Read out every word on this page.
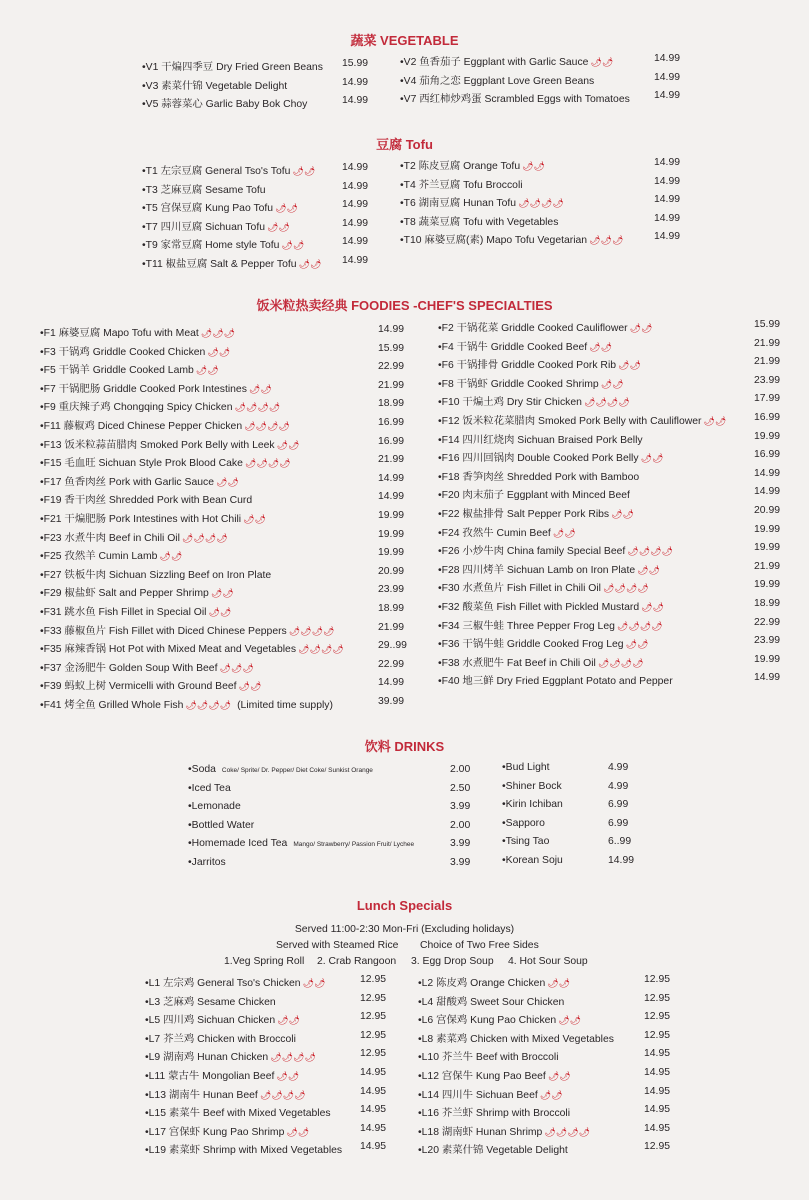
蔬菜 VEGETABLE
•V1 干煸四季豆 Dry Fried Green Beans 15.99
•V3 素菜什锦 Vegetable Delight	14.99
•V5 蒜蓉菜心 Garlic Baby Bok Choy	14.99
•V2 鱼香茄子 Eggplant with Garlic Sauce 🌶🌶	14.99
•V4 茄角之恋 Eggplant Love Green Beans	14.99
•V7 西红柿炒鸡蛋 Scrambled Eggs with Tomatoes 14.99
豆腐 Tofu
•T1 左宗豆腐 General Tso's Tofu 🌶🌶	14.99
•T3 芝麻豆腐 Sesame Tofu	14.99
•T5 宫保豆腐 Kung Pao Tofu 🌶🌶	14.99
•T7 四川豆腐 Sichuan Tofu 🌶🌶	14.99
•T9 家常豆腐 Home style Tofu 🌶🌶	14.99
•T11 椒盐豆腐 Salt & Pepper Tofu 🌶🌶 14.99
•T2 陈皮豆腐 Orange Tofu 🌶🌶	14.99
•T4 芥兰豆腐 Tofu Broccoli	14.99
•T6 湖南豆腐 Hunan Tofu 🌶🌶🌶🌶	14.99
•T8 蔬菜豆腐 Tofu with Vegetables	14.99
•T10 麻婆豆腐(素) Mapo Tofu Vegetarian 🌶🌶🌶	14.99
饭米粒热卖经典 FOODIES -CHEF'S SPECIALTIES
•F1 麻婆豆腐 Mapo Tofu with Meat 🌶🌶🌶	14.99
•F3 干锅鸡 Griddle Cooked Chicken 🌶🌶	15.99
•F5 干锅羊 Griddle Cooked Lamb 🌶🌶	22.99
•F7 干锅肥肠 Griddle Cooked Pork Intestines 🌶🌶	21.99
•F9 重庆辣子鸡 Chongqing Spicy Chicken 🌶🌶🌶🌶	18.99
•F11 藤椒鸡 Diced Chinese Pepper Chicken 🌶🌶🌶🌶	16.99
•F13 饭米粒蒜苗腊肉 Smoked Pork Belly with Leek 🌶🌶	16.99
•F15 毛血旺 Sichuan Style Prok Blood Cake 🌶🌶🌶🌶	21.99
•F17 鱼香肉丝 Pork with Garlic Sauce 🌶🌶	14.99
•F19 香干肉丝 Shredded Pork with Bean Curd	14.99
•F21 干煸肥肠 Pork Intestines with Hot Chili 🌶🌶	19.99
•F23 水煮牛肉 Beef in Chili Oil 🌶🌶🌶🌶	19.99
•F25 孜然羊 Cumin Lamb 🌶🌶	19.99
•F27 铁板牛肉 Sichuan Sizzling Beef on Iron Plate	20.99
•F29 椒盐虾 Salt and Pepper Shrimp 🌶🌶	23.99
•F31 跳水鱼 Fish Fillet in Special Oil 🌶🌶	18.99
•F33 藤椒鱼片 Fish Fillet with Diced Chinese Peppers 🌶🌶🌶🌶	21.99
•F35 麻辣香锅 Hot Pot with Mixed Meat and Vegetables 🌶🌶🌶🌶	29..99
•F37 金汤肥牛 Golden Soup With Beef 🌶🌶🌶	22.99
•F39 蚂蚁上树 Vermicelli with Ground Beef 🌶🌶	14.99
•F41 烤全鱼 Grilled Whole Fish 🌶🌶🌶🌶 (Limited time supply)	39.99
•F2 干锅花菜 Griddle Cooked Cauliflower 🌶🌶	15.99
•F4 干锅牛 Griddle Cooked Beef 🌶🌶	21.99
•F6 干锅排骨 Griddle Cooked Pork Rib 🌶🌶	21.99
•F8 干锅虾 Griddle Cooked Shrimp 🌶🌶	23.99
•F10 干煸土鸡 Dry Stir Chicken 🌶🌶🌶🌶	17.99
•F12 饭米粒花菜腊肉 Smoked Pork Belly with Cauliflower 🌶🌶	16.99
•F14 四川红烧肉 Sichuan Braised Pork Belly	19.99
•F16 四川回锅肉 Double Cooked Pork Belly 🌶🌶	16.99
•F18 香笋肉丝 Shredded Pork with Bamboo	14.99
•F20 肉末茄子 Eggplant with Minced Beef	14.99
•F22 椒盐排骨 Salt Pepper Pork Ribs 🌶🌶	20.99
•F24 孜然牛 Cumin Beef 🌶🌶	19.99
•F26 小炒牛肉 China family Special Beef 🌶🌶🌶🌶	19.99
•F28 四川烤羊 Sichuan Lamb on Iron Plate 🌶🌶	21.99
•F30 水煮鱼片 Fish Fillet in Chili Oil 🌶🌶🌶🌶	19.99
•F32 酸菜鱼 Fish Fillet with Pickled Mustard 🌶🌶	18.99
•F34 三椒牛蛙 Three Pepper Frog Leg 🌶🌶🌶🌶	22.99
•F36 干锅牛蛙 Griddle Cooked Frog Leg 🌶🌶	23.99
•F38 水煮肥牛 Fat Beef in Chili Oil 🌶🌶🌶🌶	19.99
•F40 地三鲜 Dry Fried Eggplant Potato and Pepper	14.99
饮料 DRINKS
•Soda Coke/ Sprite/ Dr. Pepper/ Diet Coke/ Sunkist Orange	2.00
•Iced Tea	2.50
•Lemonade	3.99
•Bottled Water	2.00
•Homemade Iced Tea Mango/ Strawberry/ Passion Fruit/ Lychee	3.99
•Jarritos	3.99
•Bud Light	4.99
•Shiner Bock	4.99
•Kirin Ichiban	6.99
•Sapporo	6.99
•Tsing Tao	6..99
•Korean Soju	14.99
Lunch Specials
Served 11:00-2:30 Mon-Fri (Excluding holidays)
Served with Steamed Rice Choice of Two Free Sides
1.Veg Spring Roll 2. Crab Rangoon 3. Egg Drop Soup 4. Hot Sour Soup
•L1 左宗鸡 General Tso's Chicken 🌶🌶	12.95
•L3 芝麻鸡 Sesame Chicken	12.95
•L5 四川鸡 Sichuan Chicken 🌶🌶	12.95
•L7 芥兰鸡 Chicken with Broccoli	12.95
•L9 湖南鸡 Hunan Chicken 🌶🌶🌶🌶	12.95
•L11 蒙古牛 Mongolian Beef 🌶🌶	14.95
•L13 湖南牛 Hunan Beef 🌶🌶🌶🌶	14.95
•L15 素菜牛 Beef with Mixed Vegetables	14.95
•L17 宫保虾 Kung Pao Shrimp 🌶🌶	14.95
•L19 素菜虾 Shrimp with Mixed Vegetables 14.95
•L2 陈皮鸡 Orange Chicken 🌶🌶	12.95
•L4 甜酸鸡 Sweet Sour Chicken	12.95
•L6 宫保鸡 Kung Pao Chicken 🌶🌶	12.95
•L8 素菜鸡 Chicken with Mixed Vegetables	12.95
•L10 芥兰牛 Beef with Broccoli	14.95
•L12 宫保牛 Kung Pao Beef 🌶🌶	14.95
•L14 四川牛 Sichuan Beef 🌶🌶	14.95
•L16 芥兰虾 Shrimp with Broccoli	14.95
•L18 湖南虾 Hunan Shrimp 🌶🌶🌶🌶	14.95
•L20 素菜什锦 Vegetable Delight	12.95
